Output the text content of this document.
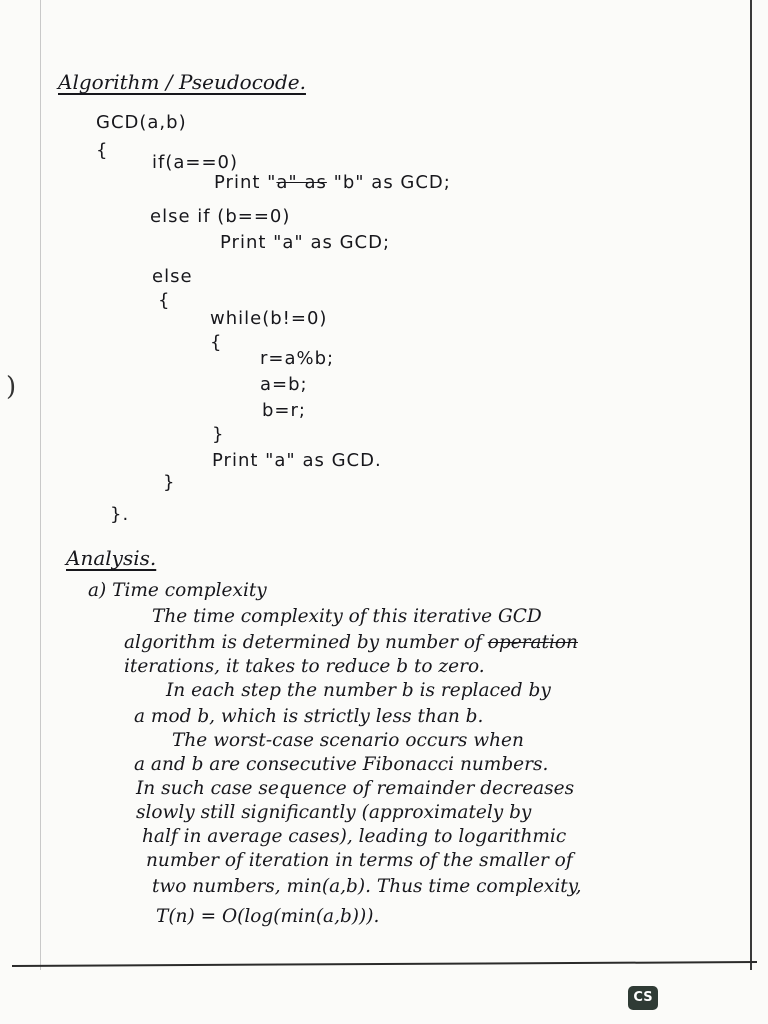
)
Algorithm / Pseudocode.
GCD(a,b)
{
if(a==0)
Print "a" as "b" as GCD;
else if (b==0)
Print "a" as GCD;
else
{
while(b!=0)
{
r=a%b;
a=b;
b=r;
}
Print "a" as GCD.
}
}.
Analysis.
a) Time complexity
The time complexity of this iterative GCD
algorithm is determined by number of operation
iterations, it takes to reduce b to zero.
In each step the number b is replaced by
a mod b, which is strictly less than b.
The worst-case scenario occurs when
a and b are consecutive Fibonacci numbers.
In such case sequence of remainder decreases
slowly still significantly (approximately by
half in average cases), leading to logarithmic
number of iteration in terms of the smaller of
two numbers, min(a,b). Thus time complexity,
T(n) = O(log(min(a,b))).
CS
